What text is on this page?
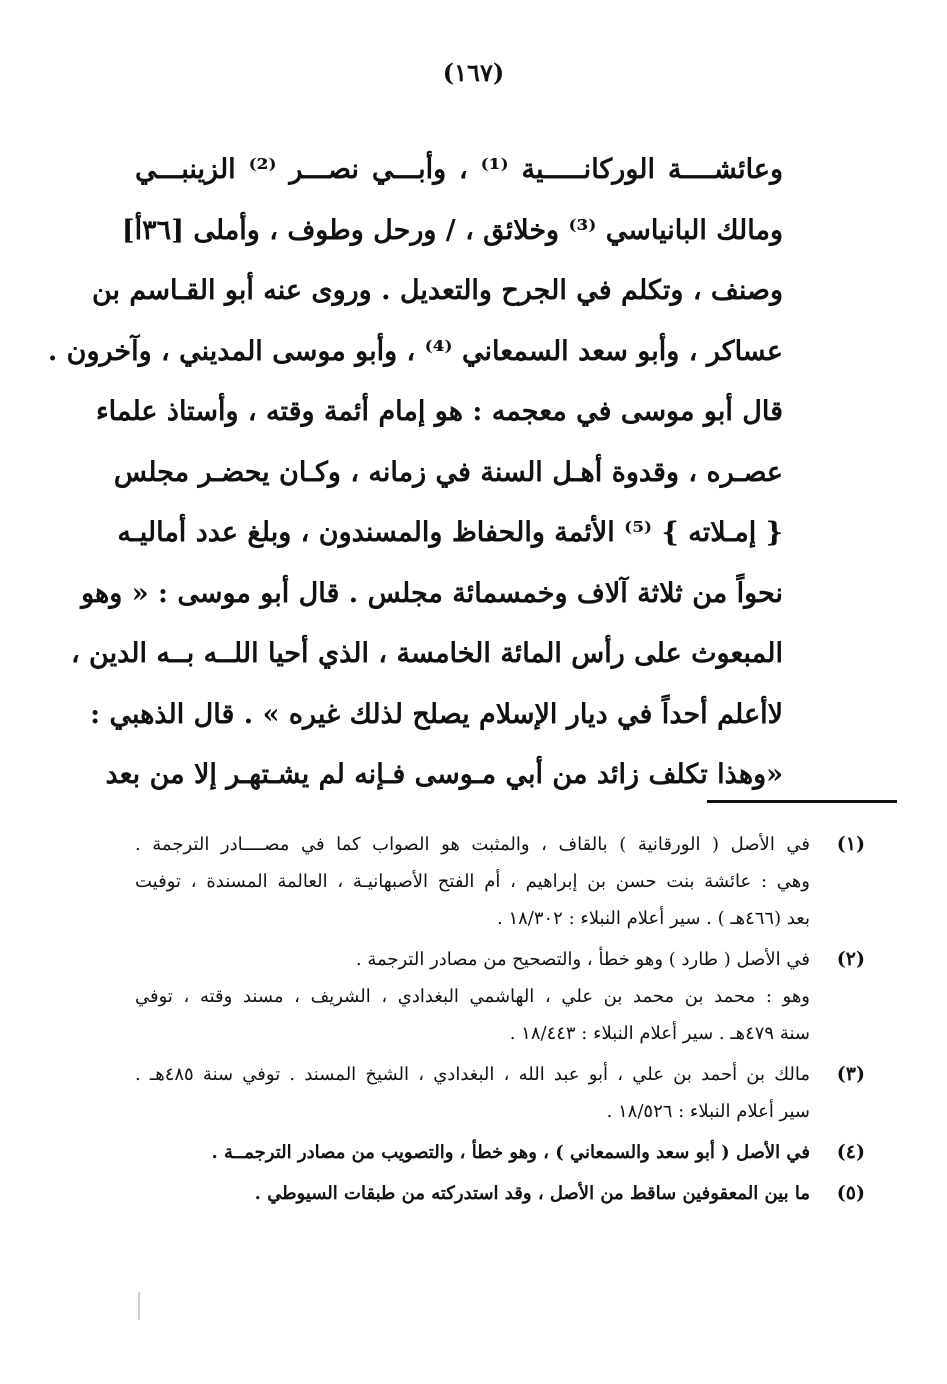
(١٦٧)
وعائشــــة الوركانـــــية ⁽¹⁾ ، وأبـــي نصـــر ⁽²⁾ الزينبـــي
ومالك البانياسي ⁽³⁾ وخلائق ، / ورحل وطوف ، وأملى [٣٦أ]
وصنف ، وتكلم في الجرح والتعديل . وروى عنه أبو القـاسم بن
عساكر ، وأبو سعد السمعاني ⁽⁴⁾ ، وأبو موسى المديني ، وآخرون .
قال أبو موسى في معجمه : هو إمام أئمة وقته ، وأستاذ علماء
عصـره ، وقدوة أهـل السنة في زمانه ، وكـان يحضـر مجلس
{ إمـلاته } ⁽⁵⁾ الأئمة والحفاظ والمسندون ، وبلغ عدد أماليـه
نحواً من ثلاثة آلاف وخمسمائة مجلس . قال أبو موسى : « وهو
المبعوث على رأس المائة الخامسة ، الذي أحيا اللــه بــه الدين ،
لاأعلم أحداً في ديار الإسلام يصلح لذلك غيره » . قال الذهبي :
«وهذا تكلف زائد من أبي مـوسى فـإنه لم يشـتهـر إلا من بعد
(١)
في الأصل ( الورقانية ) بالقاف ، والمثبت هو الصواب كما في مصــــادر الترجمة .
وهي : عائشة بنت حسن بن إبراهيم ، أم الفتح الأصبهانيـة ، العالمة المسندة ، توفيت
بعد (٤٦٦هـ ) . سير أعلام النبلاء : ١٨/٣٠٢ .
(٢)
في الأصل ( طارد ) وهو خطأ ، والتصحيح من مصادر الترجمة .
وهو : محمد بن محمد بن علي ، الهاشمي البغدادي ، الشريف ، مسند وقته ، توفي
سنة ٤٧٩هـ . سير أعلام النبلاء : ١٨/٤٤٣ .
(٣)
مالك بن أحمد بن علي ، أبو عبد الله ، البغدادي ، الشيخ المسند . توفي سنة ٤٨٥هـ .
سير أعلام النبلاء : ١٨/٥٢٦ .
(٤)
في الأصل ( أبو سعد والسمعاني ) ، وهو خطأ ، والتصويب من مصادر الترجمــة .
(٥)
ما بين المعقوفين ساقط من الأصل ، وقد استدركته من طبقات السيوطي .
